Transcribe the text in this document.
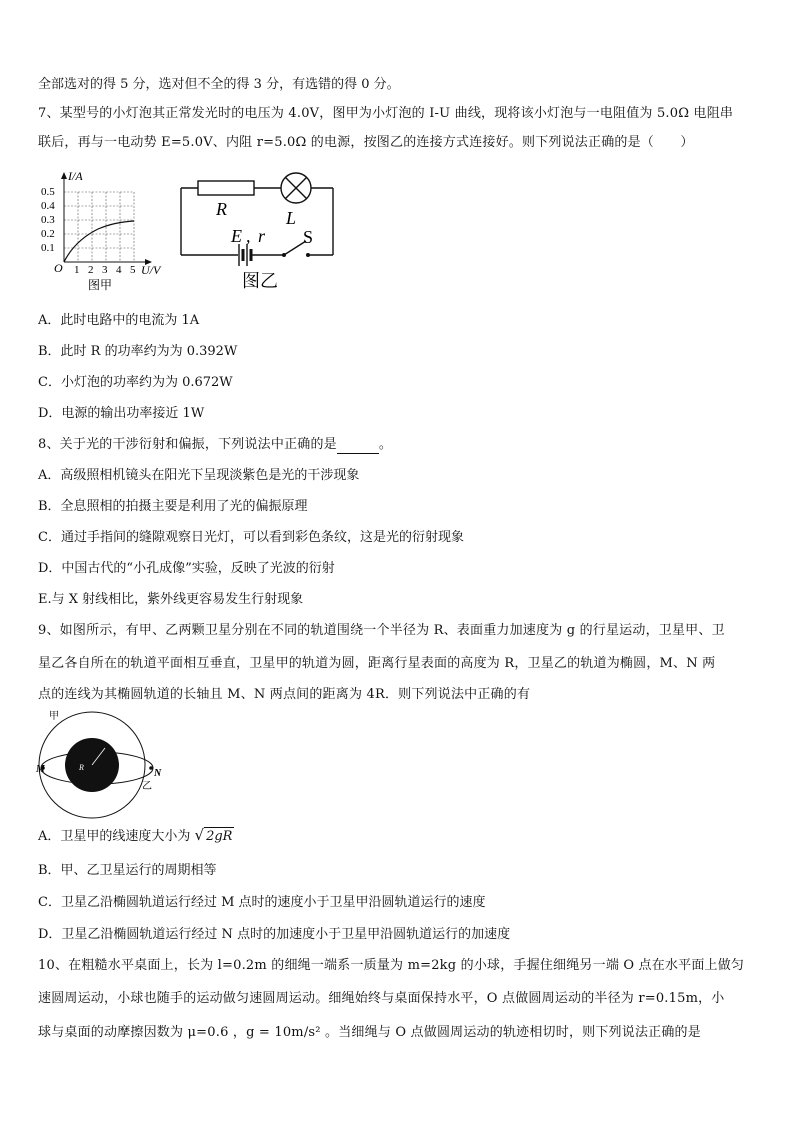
全部选对的得 5 分，选对但不全的得 3 分，有选错的得 0 分。
7、某型号的小灯泡其正常发光时的电压为 4.0V，图甲为小灯泡的 I-U 曲线，现将该小灯泡与一电阻值为 5.0Ω 电阻串
联后，再与一电动势 E=5.0V、内阻 r=5.0Ω 的电源，按图乙的连接方式连接好。则下列说法正确的是（　　）
I/A
0.5
0.4
0.3
0.2
0.1
O 1 2 3 4 5 U/V
图甲
R	L
E , r S
图乙
A．此时电路中的电流为 1A
B．此时 R 的功率约为为 0.392W
C．小灯泡的功率约为为 0.672W
D．电源的输出功率接近 1W
8、关于光的干涉衍射和偏振，下列说法中正确的是	。
A．高级照相机镜头在阳光下呈现淡紫色是光的干涉现象
B．全息照相的拍摄主要是利用了光的偏振原理
C．通过手指间的缝隙观察日光灯，可以看到彩色条纹，这是光的衍射现象
D．中国古代的“小孔成像”实验，反映了光波的衍射
E.与 X 射线相比，紫外线更容易发生行射现象
9、如图所示，有甲、乙两颗卫星分别在不同的轨道围绕一个半径为 R、表面重力加速度为 g 的行星运动，卫星甲、卫
星乙各自所在的轨道平面相互垂直，卫星甲的轨道为圆，距离行星表面的高度为 R，卫星乙的轨道为椭圆，M、N 两
点的连线为其椭圆轨道的长轴且 M、N 两点间的距离为 4R．则下列说法中正确的有
R
M	N
甲
乙
A．卫星甲的线速度大小为 √ 2gR
B．甲、乙卫星运行的周期相等
C．卫星乙沿椭圆轨道运行经过 M 点时的速度小于卫星甲沿圆轨道运行的速度
D．卫星乙沿椭圆轨道运行经过 N 点时的加速度小于卫星甲沿圆轨道运行的加速度
10、在粗糙水平桌面上，长为 l=0.2m 的细绳一端系一质量为 m=2kg 的小球，手握住细绳另一端 O 点在水平面上做匀
速圆周运动，小球也随手的运动做匀速圆周运动。细绳始终与桌面保持水平，O 点做圆周运动的半径为 r=0.15m，小
球与桌面的动摩擦因数为 μ=0.6 ，g = 10m/s² 。当细绳与 O 点做圆周运动的轨迹相切时，则下列说法正确的是
